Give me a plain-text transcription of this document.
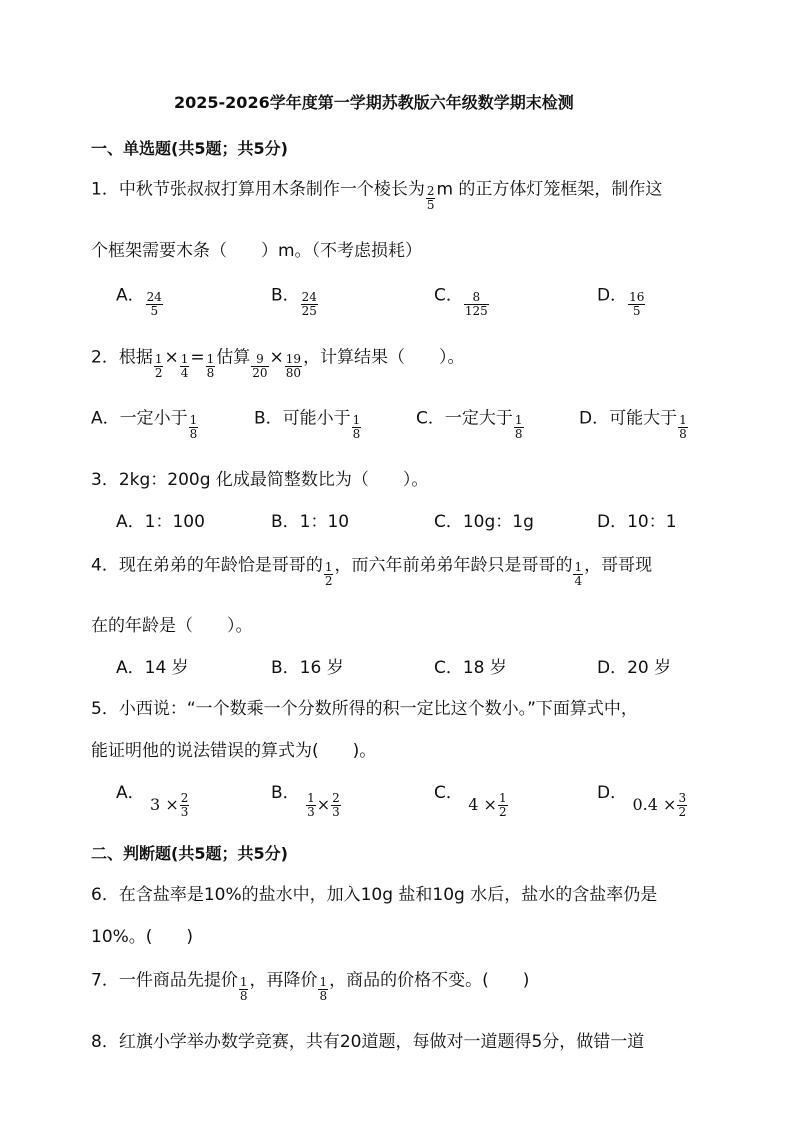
2025-2026学年度第一学期苏教版六年级数学期末检测
一、单选题(共5题；共5分)
1．中秋节张叔叔打算用木条制作一个棱长为 $\frac{2}{5}$ m 的正方体灯笼框架，制作这
个框架需要木条（　　）m。（不考虑损耗）
A． $\frac{24}{5}$	B． $\frac{24}{25}$	C． $\frac{8}{125}$	D． $\frac{16}{5}$
2．根据 $\frac{1}{2} \times \frac{1}{4} = \frac{1}{8}$ 估算 $\frac{9}{20} \times \frac{19}{80}$ ，计算结果（　　）。
A．一定小于 $\frac{1}{8}$	B．可能小于 $\frac{1}{8}$	C．一定大于 $\frac{1}{8}$	D．可能大于 $\frac{1}{8}$
3．2kg：200g 化成最简整数比为（　　）。
A．1：100	B．1：10	C．10g：1g	D．10：1
4．现在弟弟的年龄恰是哥哥的 $\frac{1}{2}$ ，而六年前弟弟年龄只是哥哥的 $\frac{1}{4}$ ，哥哥现
在的年龄是（　　）。
A．14 岁	B．16 岁	C．18 岁	D．20 岁
5．小西说：“一个数乘一个分数所得的积一定比这个数小。”下面算式中，
能证明他的说法错误的算式为(　　)。
A． $3 \times \frac{2}{3}$	B． $\frac{1}{3} \times \frac{2}{3}$	C． $4 \times \frac{1}{2}$	D． $0.4 \times \frac{3}{2}$
二、判断题(共5题；共5分)
6．在含盐率是10%的盐水中，加入10g 盐和10g 水后，盐水的含盐率仍是
10%。(　　)
7．一件商品先提价 $\frac{1}{8}$ ，再降价 $\frac{1}{8}$ ，商品的价格不变。(　　)
8．红旗小学举办数学竞赛，共有20道题，每做对一道题得5分，做错一道
